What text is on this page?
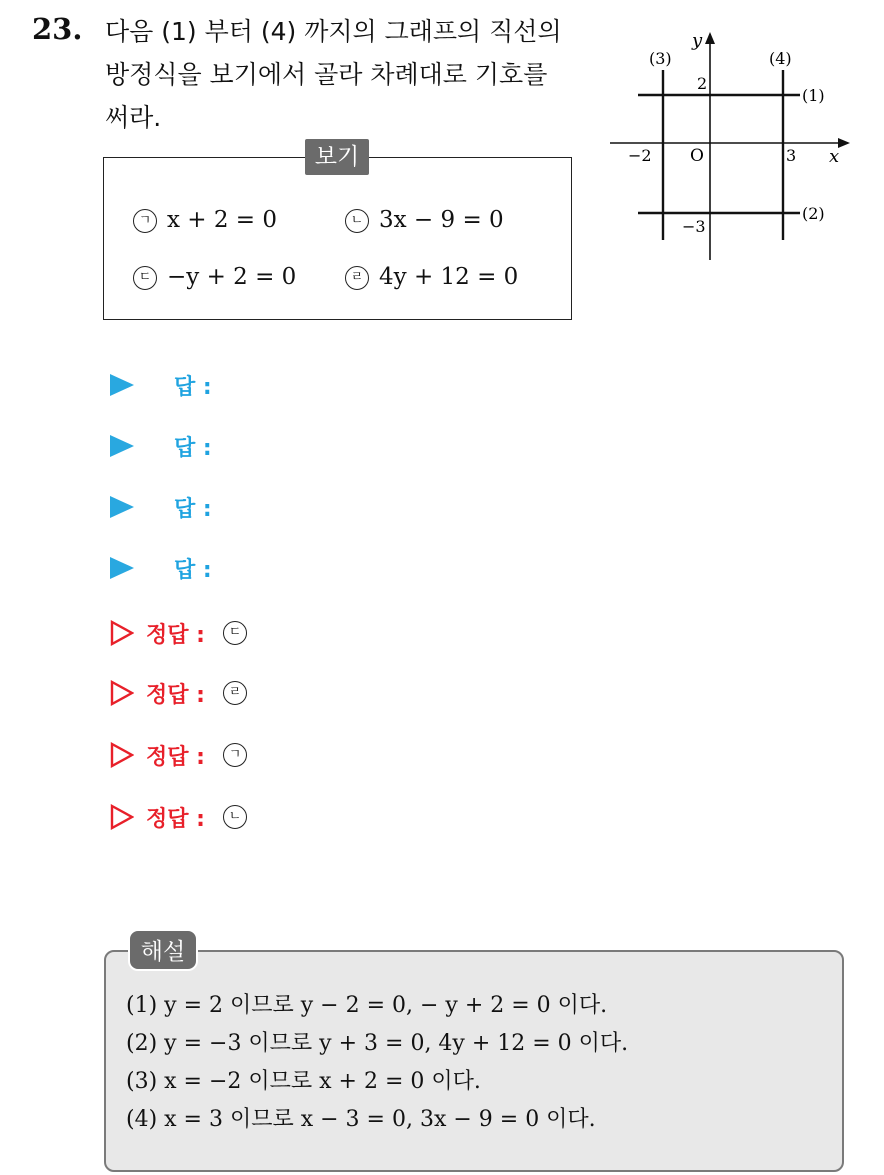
23. 다음 (1) 부터 (4) 까지의 그래프의 직선의
방정식을 보기에서 골라 차례대로 기호를
써라.
보기
ㄱ x + 2 = 0	ㄴ 3x − 9 = 0
ㄷ −y + 2 = 0	ㄹ 4y + 12 = 0
y
x
O
−2	3
2
−3
(1)
(2)
(3)	(4)
답 :
답 :
답 :
답 :
정답 :	ㄷ
정답 :	ㄹ
정답 :	ㄱ
정답 :	ㄴ
해설
(1) y = 2 이므로 y − 2 = 0, − y + 2 = 0 이다.
(2) y = −3 이므로 y + 3 = 0, 4y + 12 = 0 이다.
(3) x = −2 이므로 x + 2 = 0 이다.
(4) x = 3 이므로 x − 3 = 0, 3x − 9 = 0 이다.
